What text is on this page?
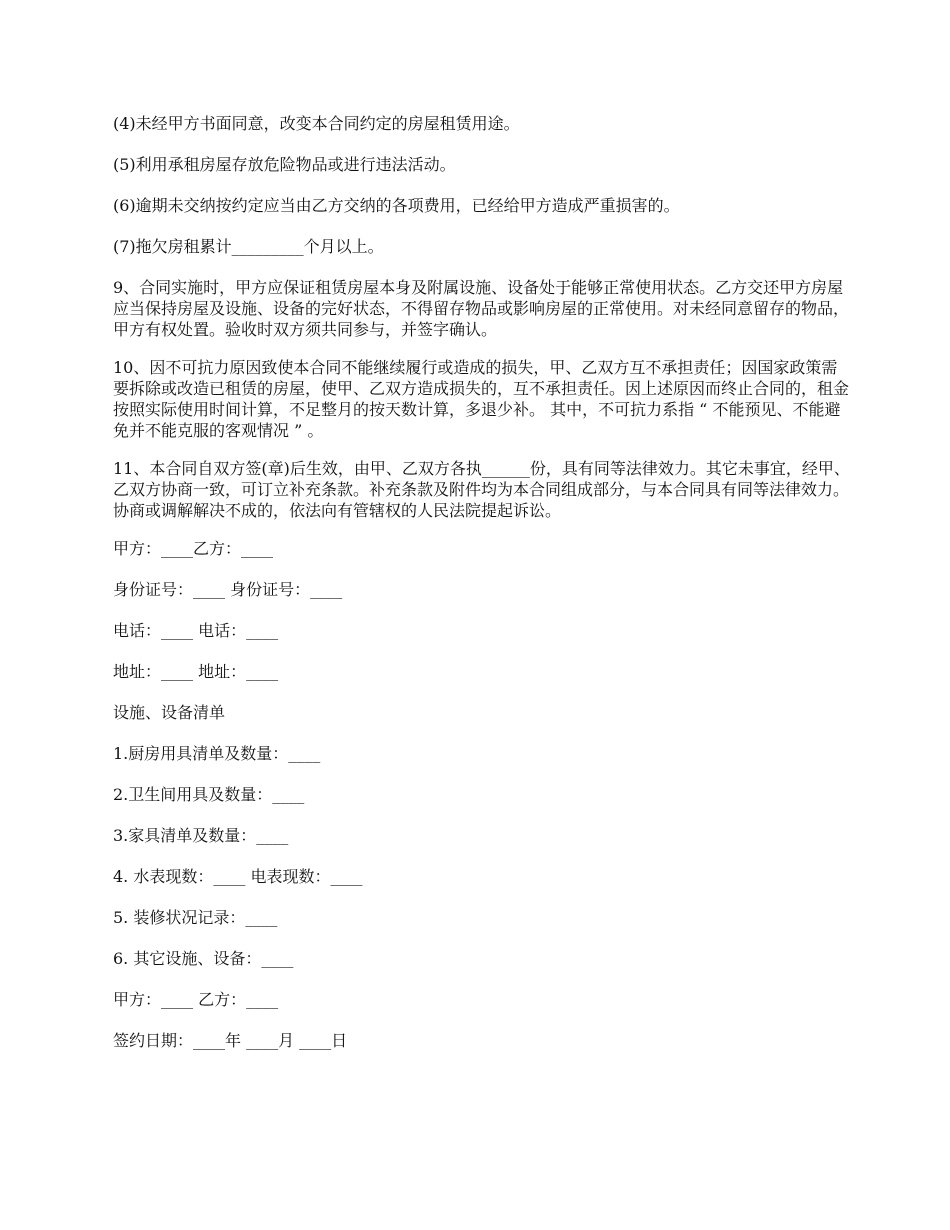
(4)未经甲方书面同意，改变本合同约定的房屋租赁用途。

(5)利用承租房屋存放危险物品或进行违法活动。

(6)逾期未交纳按约定应当由乙方交纳的各项费用，已经给甲方造成严重损害的。

(7)拖欠房租累计_________个月以上。

9、合同实施时，甲方应保证租赁房屋本身及附属设施、设备处于能够正常使用状态。乙方交还甲方房屋应当保持房屋及设施、设备的完好状态，不得留存物品或影响房屋的正常使用。对未经同意留存的物品，甲方有权处置。验收时双方须共同参与，并签字确认。

10、因不可抗力原因致使本合同不能继续履行或造成的损失，甲、乙双方互不承担责任；因国家政策需要拆除或改造已租赁的房屋，使甲、乙双方造成损失的，互不承担责任。因上述原因而终止合同的，租金按照实际使用时间计算，不足整月的按天数计算，多退少补。 其中，不可抗力系指 “ 不能预见、不能避免并不能克服的客观情况 ” 。

11、本合同自双方签(章)后生效，由甲、乙双方各执______份，具有同等法律效力。其它未事宜，经甲、乙双方协商一致，可订立补充条款。补充条款及附件均为本合同组成部分，与本合同具有同等法律效力。协商或调解解决不成的，依法向有管辖权的人民法院提起诉讼。

甲方：____乙方：____

身份证号：____ 身份证号：____

电话：____ 电话：____

地址：____ 地址：____

设施、设备清单

1.厨房用具清单及数量：____

2.卫生间用具及数量：____

3.家具清单及数量：____

4. 水表现数：____ 电表现数：____

5. 装修状况记录：____

6. 其它设施、设备：____

甲方：____ 乙方：____

签约日期：____年 ____月 ____日
